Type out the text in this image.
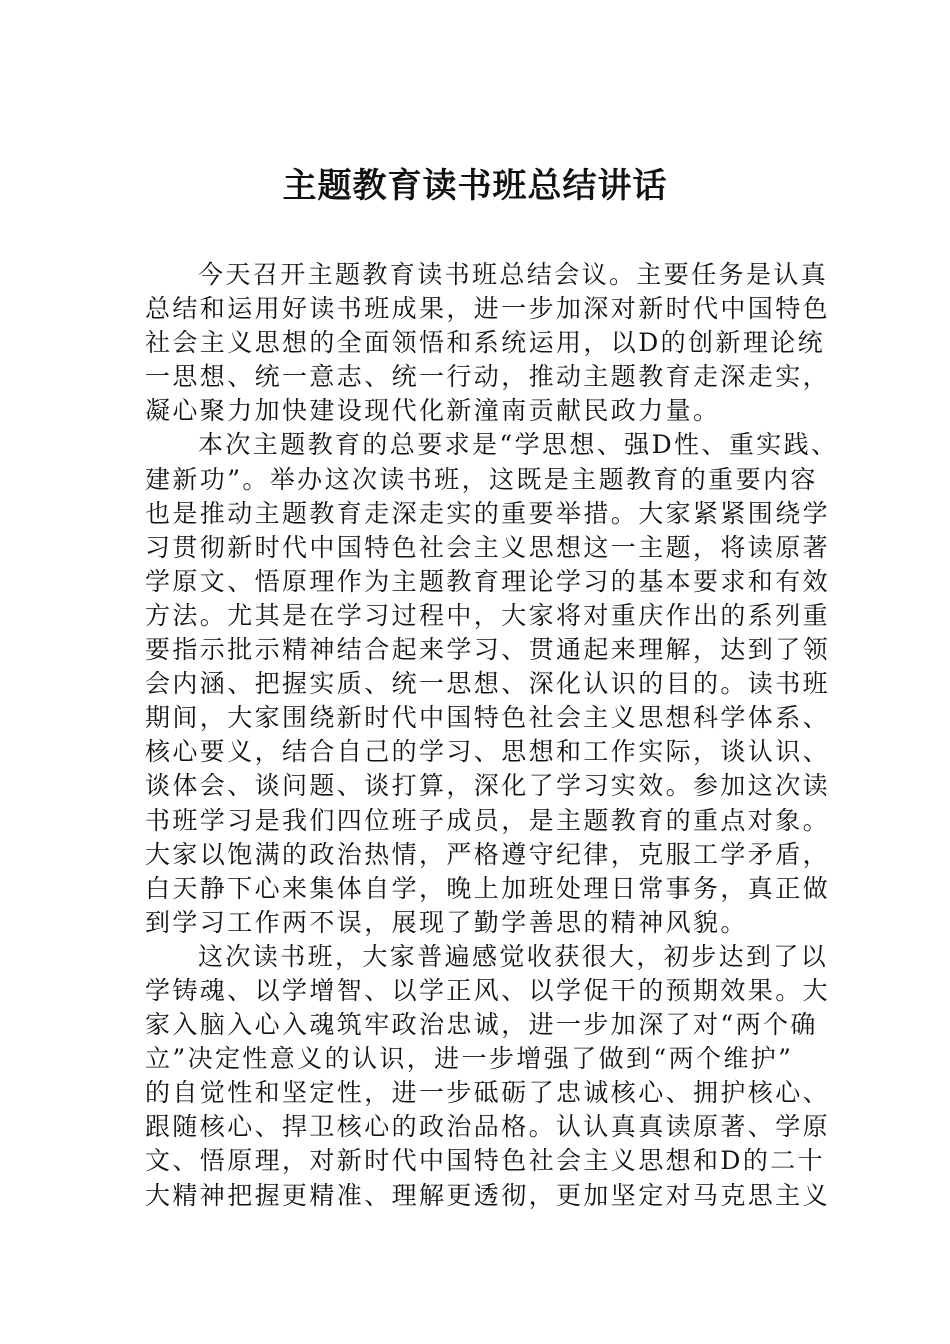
主题教育读书班总结讲话

今天召开主题教育读书班总结会议。主要任务是认真
总结和运用好读书班成果，进一步加深对新时代中国特色
社会主义思想的全面领悟和系统运用，以D的创新理论统
一思想、统一意志、统一行动，推动主题教育走深走实，
凝心聚力加快建设现代化新潼南贡献民政力量。

本次主题教育的总要求是“学思想、强D性、重实践、
建新功”。举办这次读书班，这既是主题教育的重要内容
也是推动主题教育走深走实的重要举措。大家紧紧围绕学
习贯彻新时代中国特色社会主义思想这一主题，将读原著
学原文、悟原理作为主题教育理论学习的基本要求和有效
方法。尤其是在学习过程中，大家将对重庆作出的系列重
要指示批示精神结合起来学习、贯通起来理解，达到了领
会内涵、把握实质、统一思想、深化认识的目的。读书班
期间，大家围绕新时代中国特色社会主义思想科学体系、
核心要义，结合自己的学习、思想和工作实际，谈认识、
谈体会、谈问题、谈打算，深化了学习实效。参加这次读
书班学习是我们四位班子成员，是主题教育的重点对象。
大家以饱满的政治热情，严格遵守纪律，克服工学矛盾，
白天静下心来集体自学，晚上加班处理日常事务，真正做
到学习工作两不误，展现了勤学善思的精神风貌。

这次读书班，大家普遍感觉收获很大，初步达到了以
学铸魂、以学增智、以学正风、以学促干的预期效果。大
家入脑入心入魂筑牢政治忠诚，进一步加深了对“两个确
立”决定性意义的认识，进一步增强了做到“两个维护”
的自觉性和坚定性，进一步砥砺了忠诚核心、拥护核心、
跟随核心、捍卫核心的政治品格。认认真真读原著、学原
文、悟原理，对新时代中国特色社会主义思想和D的二十
大精神把握更精准、理解更透彻，更加坚定对马克思主义
